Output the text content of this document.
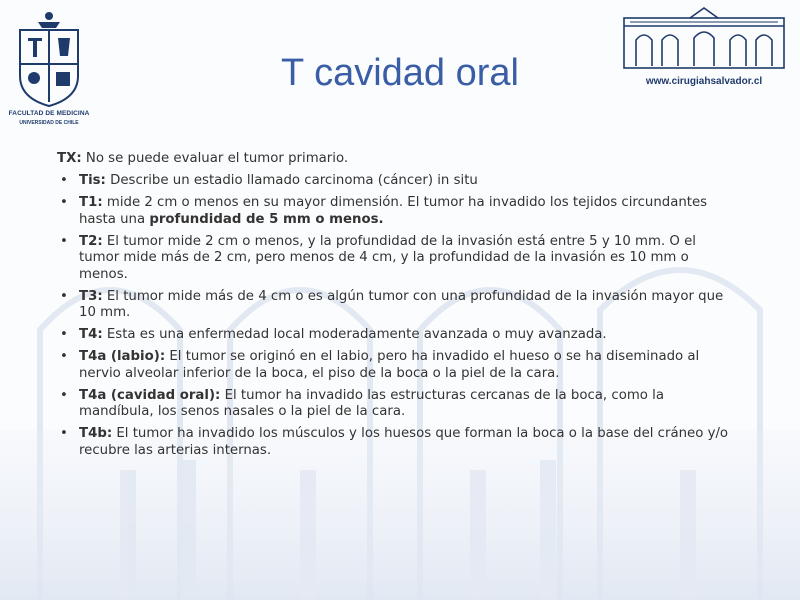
FACULTAD DE MEDICINA
UNIVERSIDAD DE CHILE
www.cirugiahsalvador.cl
T cavidad oral
TX: No se puede evaluar el tumor primario.
• Tis: Describe un estadio llamado carcinoma (cáncer) in situ
• T1: mide 2 cm o menos en su mayor dimensión. El tumor ha invadido los tejidos circundantes hasta una profundidad de 5 mm o menos.
• T2: El tumor mide 2 cm o menos, y la profundidad de la invasión está entre 5 y 10 mm. O el tumor mide más de 2 cm, pero menos de 4 cm, y la profundidad de la invasión es 10 mm o menos.
• T3: El tumor mide más de 4 cm o es algún tumor con una profundidad de la invasión mayor que 10 mm.
• T4: Esta es una enfermedad local moderadamente avanzada o muy avanzada.
• T4a (labio): El tumor se originó en el labio, pero ha invadido el hueso o se ha diseminado al nervio alveolar inferior de la boca, el piso de la boca o la piel de la cara.
• T4a (cavidad oral): El tumor ha invadido las estructuras cercanas de la boca, como la mandíbula, los senos nasales o la piel de la cara.
• T4b: El tumor ha invadido los músculos y los huesos que forman la boca o la base del cráneo y/o recubre las arterias internas.
